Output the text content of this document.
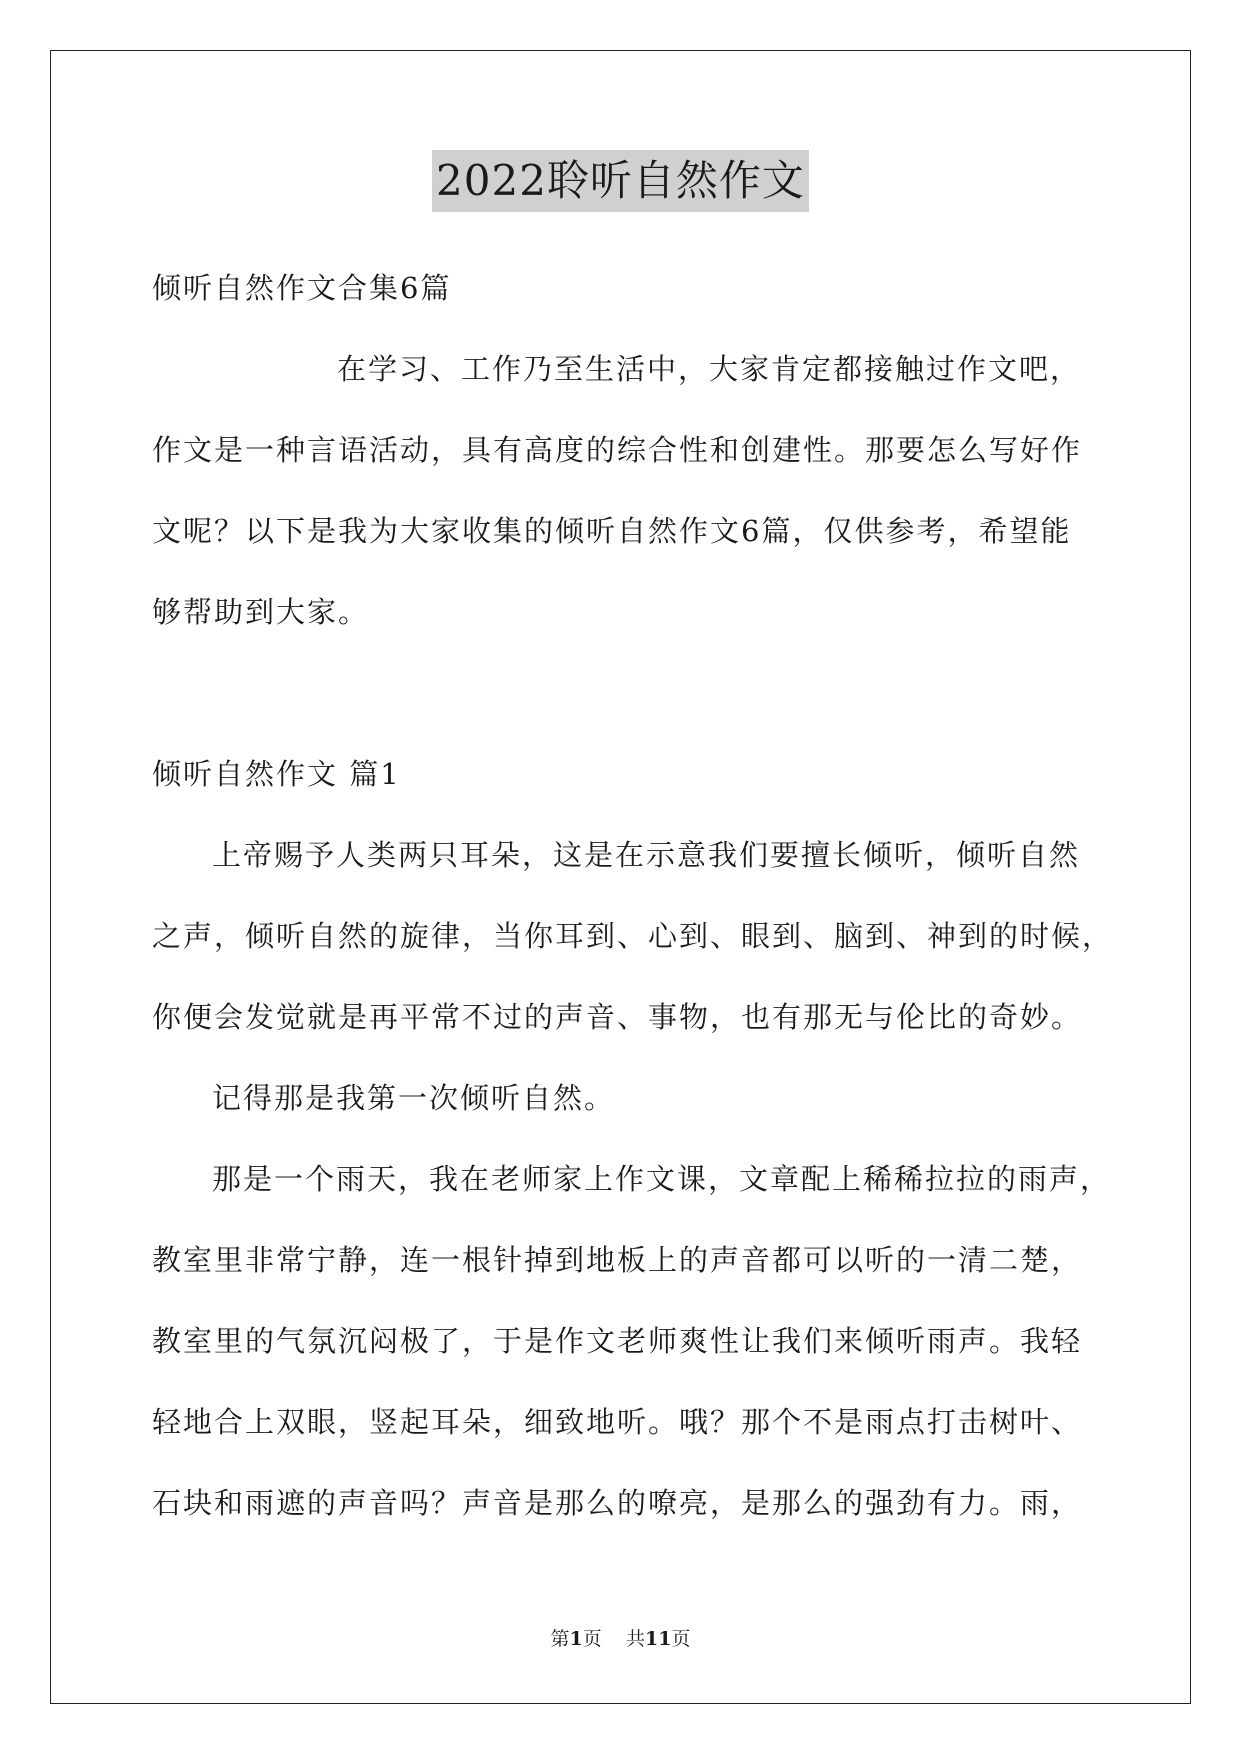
2022聆听自然作文
倾听自然作文合集6篇
在学习、工作乃至生活中，大家肯定都接触过作文吧，
作文是一种言语活动，具有高度的综合性和创建性。那要怎么写好作
文呢？以下是我为大家收集的倾听自然作文6篇，仅供参考，希望能
够帮助到大家。
倾听自然作文 篇1
上帝赐予人类两只耳朵，这是在示意我们要擅长倾听，倾听自然
之声，倾听自然的旋律，当你耳到、心到、眼到、脑到、神到的时候，
你便会发觉就是再平常不过的声音、事物，也有那无与伦比的奇妙。
记得那是我第一次倾听自然。
那是一个雨天，我在老师家上作文课，文章配上稀稀拉拉的雨声，
教室里非常宁静，连一根针掉到地板上的声音都可以听的一清二楚，
教室里的气氛沉闷极了，于是作文老师爽性让我们来倾听雨声。我轻
轻地合上双眼，竖起耳朵，细致地听。哦？那个不是雨点打击树叶、
石块和雨遮的声音吗？声音是那么的嘹亮，是那么的强劲有力。雨，
第1页 共11页
